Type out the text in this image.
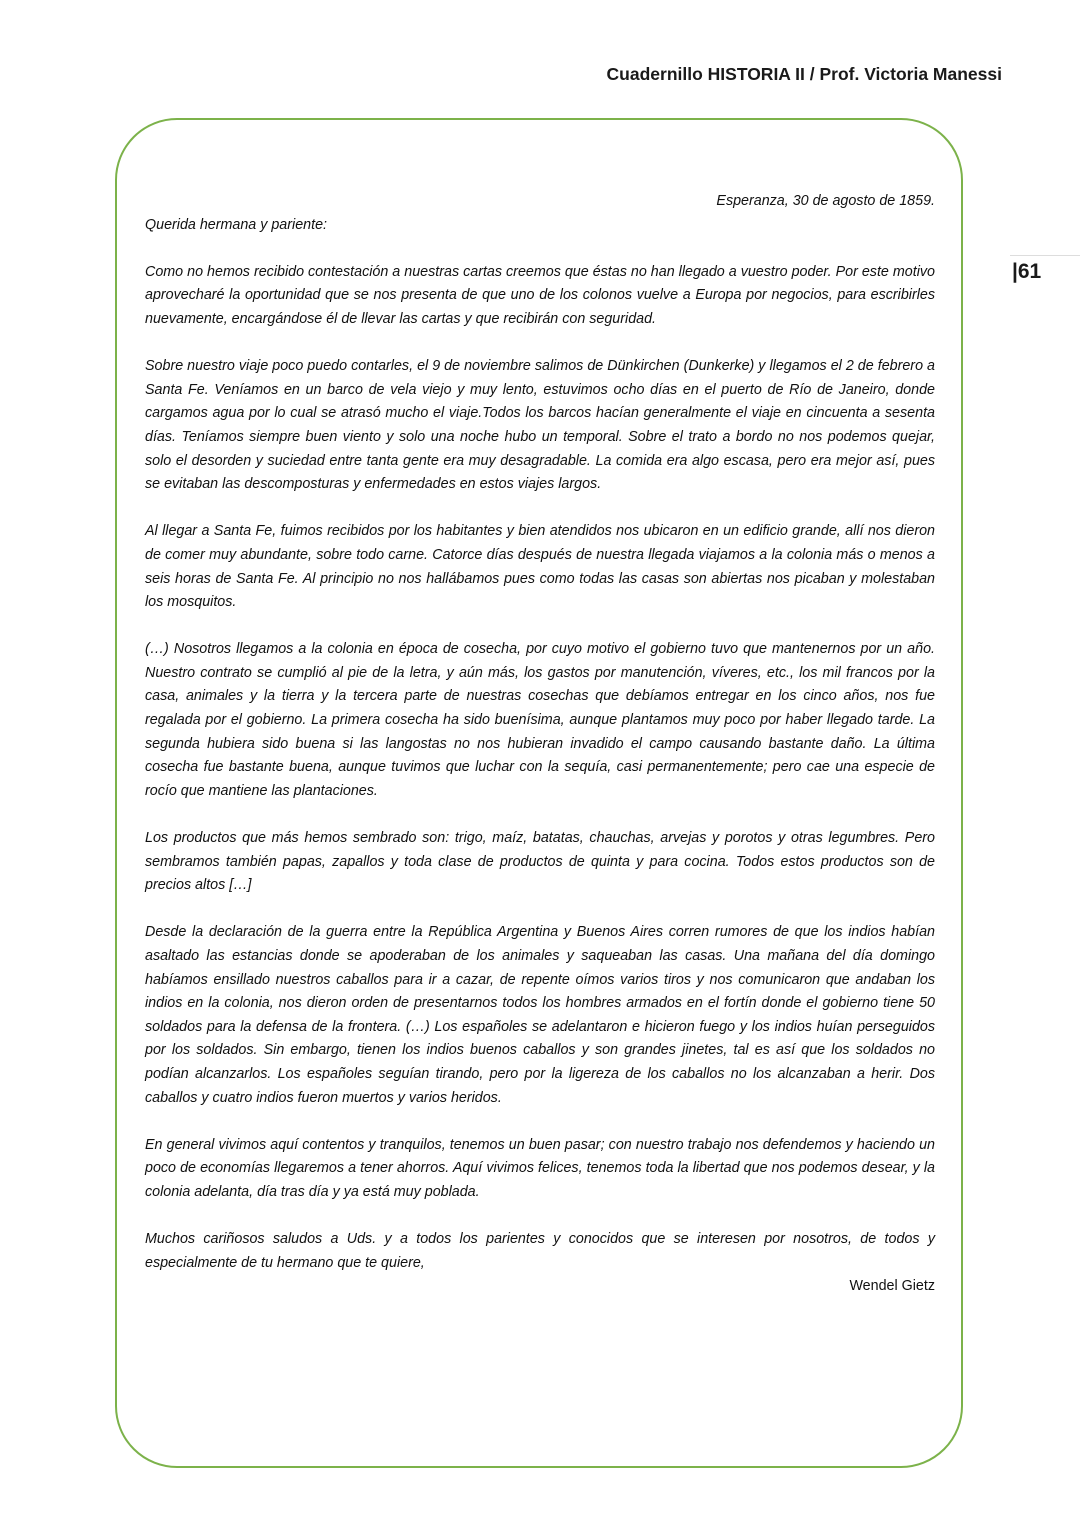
Cuadernillo HISTORIA II / Prof. Victoria Manessi
|61
Esperanza, 30 de agosto de 1859.
Querida hermana y pariente:

Como no hemos recibido contestación a nuestras cartas creemos que éstas no han llegado a vuestro poder. Por este motivo aprovecharé la oportunidad que se nos presenta de que uno de los colonos vuelve a Europa por negocios, para escribirles nuevamente, encargándose él de llevar las cartas y que recibirán con seguridad.

Sobre nuestro viaje poco puedo contarles, el 9 de noviembre salimos de Dünkirchen (Dunkerke) y llegamos el 2 de febrero a Santa Fe. Veníamos en un barco de vela viejo y muy lento, estuvimos ocho días en el puerto de Río de Janeiro, donde cargamos agua por lo cual se atrasó mucho el viaje.Todos los barcos hacían generalmente el viaje en cincuenta a sesenta días. Teníamos siempre buen viento y solo una noche hubo un temporal. Sobre el trato a bordo no nos podemos quejar, solo el desorden y suciedad entre tanta gente era muy desagradable. La comida era algo escasa, pero era mejor así, pues se evitaban las descomposturas y enfermedades en estos viajes largos.

Al llegar a Santa Fe, fuimos recibidos por los habitantes y bien atendidos nos ubicaron en un edificio grande, allí nos dieron de comer muy abundante, sobre todo carne. Catorce días después de nuestra llegada viajamos a la colonia más o menos a seis horas de Santa Fe. Al principio no nos hallábamos pues como todas las casas son abiertas nos picaban y molestaban los mosquitos.

(…) Nosotros llegamos a la colonia en época de cosecha, por cuyo motivo el gobierno tuvo que mantenernos por un año. Nuestro contrato se cumplió al pie de la letra, y aún más, los gastos por manutención, víveres, etc., los mil francos por la casa, animales y la tierra y la tercera parte de nuestras cosechas que debíamos entregar en los cinco años, nos fue regalada por el gobierno. La primera cosecha ha sido buenísima, aunque plantamos muy poco por haber llegado tarde. La segunda hubiera sido buena si las langostas no nos hubieran invadido el campo causando bastante daño. La última cosecha fue bastante buena, aunque tuvimos que luchar con la sequía, casi permanentemente; pero cae una especie de rocío que mantiene las plantaciones.

Los productos que más hemos sembrado son: trigo, maíz, batatas, chauchas, arvejas y porotos y otras legumbres. Pero sembramos también papas, zapallos y toda clase de productos de quinta y para cocina. Todos estos productos son de precios altos […]

Desde la declaración de la guerra entre la República Argentina y Buenos Aires corren rumores de que los indios habían asaltado las estancias donde se apoderaban de los animales y saqueaban las casas. Una mañana del día domingo habíamos ensillado nuestros caballos para ir a cazar, de repente oímos varios tiros y nos comunicaron que andaban los indios en la colonia, nos dieron orden de presentarnos todos los hombres armados en el fortín donde el gobierno tiene 50 soldados para la defensa de la frontera. (…) Los españoles se adelantaron e hicieron fuego y los indios huían perseguidos por los soldados. Sin embargo, tienen los indios buenos caballos y son grandes jinetes, tal es así que los soldados no podían alcanzarlos. Los españoles seguían tirando, pero por la ligereza de los caballos no los alcanzaban a herir. Dos caballos y cuatro indios fueron muertos y varios heridos.

En general vivimos aquí contentos y tranquilos, tenemos un buen pasar; con nuestro trabajo nos defendemos y haciendo un poco de economías llegaremos a tener ahorros. Aquí vivimos felices, tenemos toda la libertad que nos podemos desear, y la colonia adelanta, día tras día y ya está muy poblada.

Muchos cariñosos saludos a Uds. y a todos los parientes y conocidos que se interesen por nosotros, de todos y especialmente de tu hermano que te quiere,

Wendel Gietz
